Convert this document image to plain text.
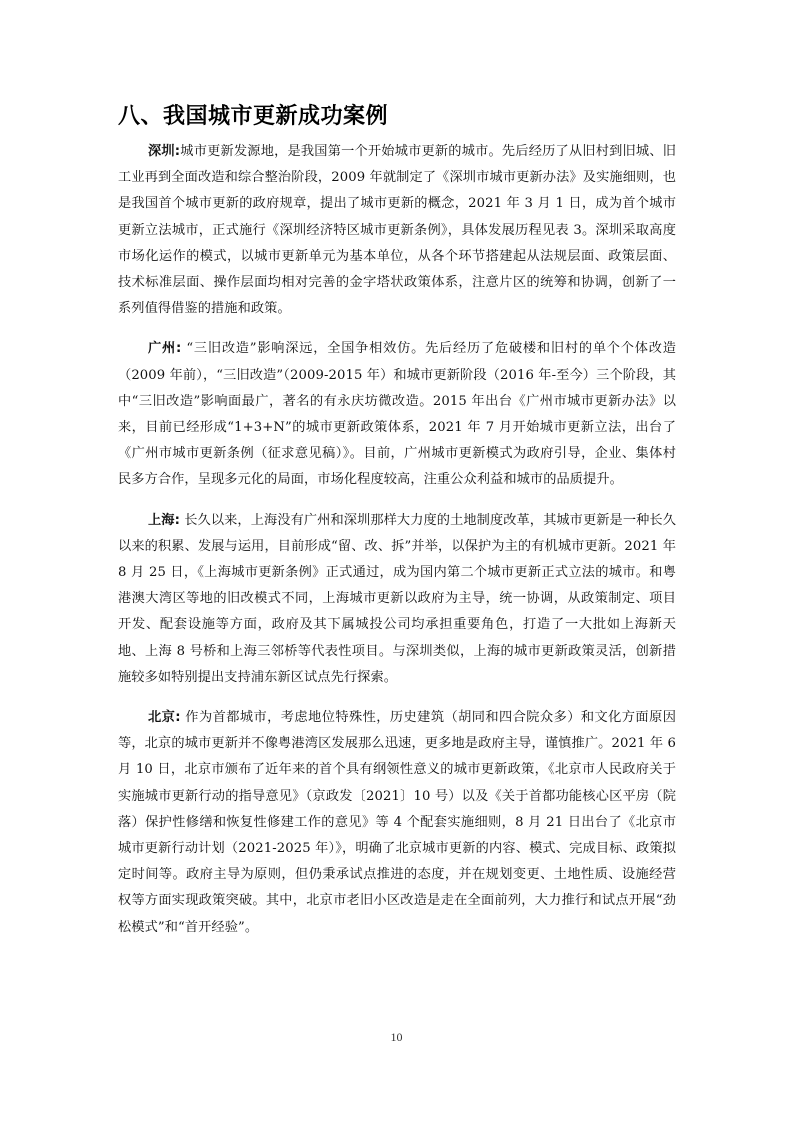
八、我国城市更新成功案例

深圳:城市更新发源地，是我国第一个开始城市更新的城市。先后经历了从旧村到旧城、旧工业再到全面改造和综合整治阶段，2009 年就制定了《深圳市城市更新办法》及实施细则，也是我国首个城市更新的政府规章，提出了城市更新的概念，2021 年 3 月 1 日，成为首个城市更新立法城市，正式施行《深圳经济特区城市更新条例》，具体发展历程见表 3。深圳采取高度市场化运作的模式，以城市更新单元为基本单位，从各个环节搭建起从法规层面、政策层面、技术标准层面、操作层面均相对完善的金字塔状政策体系，注意片区的统筹和协调，创新了一系列值得借鉴的措施和政策。

广州: “三旧改造”影响深远，全国争相效仿。先后经历了危破楼和旧村的单个个体改造（2009 年前），“三旧改造”（2009-2015 年）和城市更新阶段（2016 年-至今）三个阶段，其中“三旧改造”影响面最广，著名的有永庆坊微改造。2015 年出台《广州市城市更新办法》以来，目前已经形成“1+3+N”的城市更新政策体系，2021 年 7 月开始城市更新立法，出台了《广州市城市更新条例（征求意见稿）》。目前，广州城市更新模式为政府引导，企业、集体村民多方合作，呈现多元化的局面，市场化程度较高，注重公众利益和城市的品质提升。

上海: 长久以来，上海没有广州和深圳那样大力度的土地制度改革，其城市更新是一种长久以来的积累、发展与运用，目前形成“留、改、拆”并举，以保护为主的有机城市更新。2021 年 8 月 25 日，《上海城市更新条例》正式通过，成为国内第二个城市更新正式立法的城市。和粤港澳大湾区等地的旧改模式不同，上海城市更新以政府为主导，统一协调，从政策制定、项目开发、配套设施等方面，政府及其下属城投公司均承担重要角色，打造了一大批如上海新天地、上海 8 号桥和上海三邻桥等代表性项目。与深圳类似，上海的城市更新政策灵活，创新措施较多如特别提出支持浦东新区试点先行探索。

北京: 作为首都城市，考虑地位特殊性，历史建筑（胡同和四合院众多）和文化方面原因等，北京的城市更新并不像粤港湾区发展那么迅速，更多地是政府主导，谨慎推广。2021 年 6 月 10 日，北京市颁布了近年来的首个具有纲领性意义的城市更新政策，《北京市人民政府关于实施城市更新行动的指导意见》（京政发〔2021〕10 号）以及《关于首都功能核心区平房（院落）保护性修缮和恢复性修建工作的意见》等 4 个配套实施细则，8 月 21 日出台了《北京市城市更新行动计划（2021-2025 年）》，明确了北京城市更新的内容、模式、完成目标、政策拟定时间等。政府主导为原则，但仍秉承试点推进的态度，并在规划变更、土地性质、设施经营权等方面实现政策突破。其中，北京市老旧小区改造是走在全面前列，大力推行和试点开展“劲松模式”和“首开经验”。

10
